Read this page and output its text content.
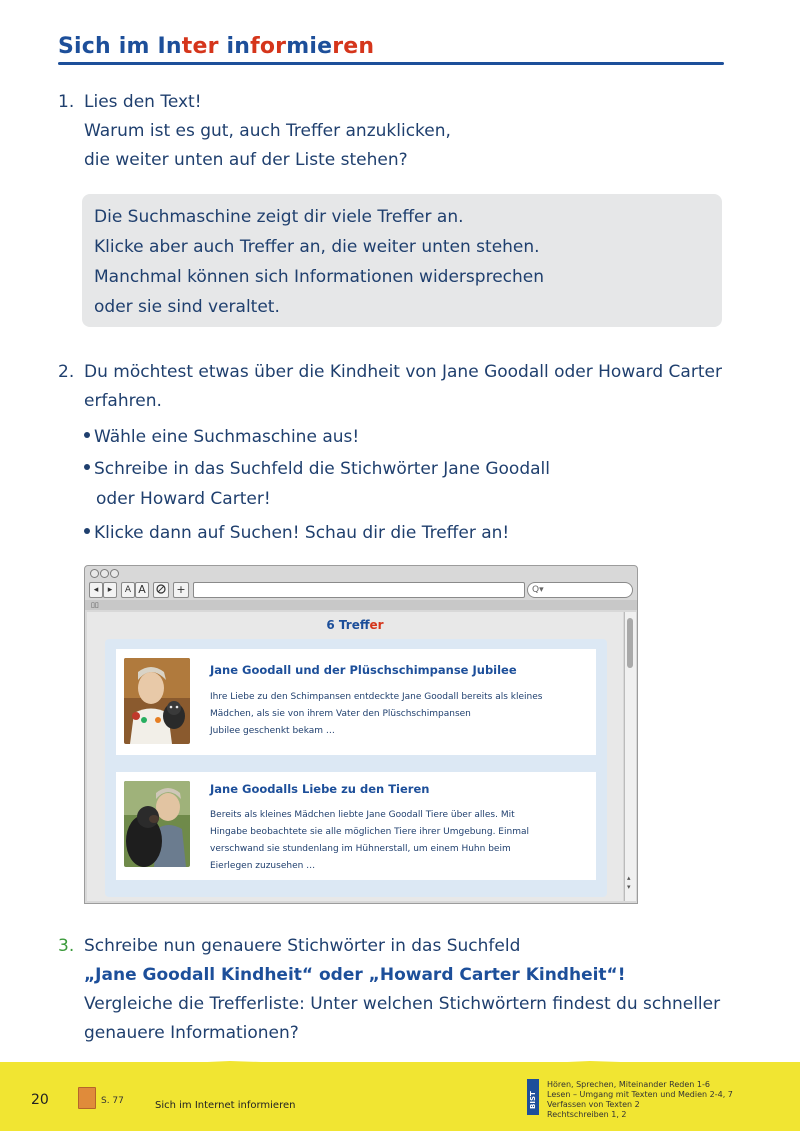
Sich im Inter informieren
1. Lies den Text!
Warum ist es gut, auch Treffer anzuklicken,
die weiter unten auf der Liste stehen?
Die Suchmaschine zeigt dir viele Treffer an.
Klicke aber auch Treffer an, die weiter unten stehen.
Manchmal können sich Informationen widersprechen
oder sie sind veraltet.
2. Du möchtest etwas über die Kindheit von Jane Goodall oder Howard Carter
erfahren.
Wähle eine Suchmaschine aus!
Schreibe in das Suchfeld die Stichwörter Jane Goodall
oder Howard Carter!
Klicke dann auf Suchen! Schau dir die Treffer an!
◂	▸	A A	+	Q▾
▯▯
6 Treffer
Jane Goodall und der Plüschschimpanse Jubilee
Ihre Liebe zu den Schimpansen entdeckte Jane Goodall bereits als kleines
Mädchen, als sie von ihrem Vater den Plüschschimpansen
Jubilee geschenkt bekam …
Jane Goodalls Liebe zu den Tieren
Bereits als kleines Mädchen liebte Jane Goodall Tiere über alles. Mit
Hingabe beobachtete sie alle möglichen Tiere ihrer Umgebung. Einmal
verschwand sie stundenlang im Hühnerstall, um einem Huhn beim
Eierlegen zuzusehen …
▴
▾
3. Schreibe nun genauere Stichwörter in das Suchfeld
„Jane Goodall Kindheit“ oder „Howard Carter Kindheit“!
Vergleiche die Trefferliste: Unter welchen Stichwörtern findest du schneller
genauere Informationen?
20	S. 77	Sich im Internet informieren	BIST
Hören, Sprechen, Miteinander Reden 1-6
Lesen – Umgang mit Texten und Medien 2-4, 7
Verfassen von Texten 2
Rechtschreiben 1, 2
